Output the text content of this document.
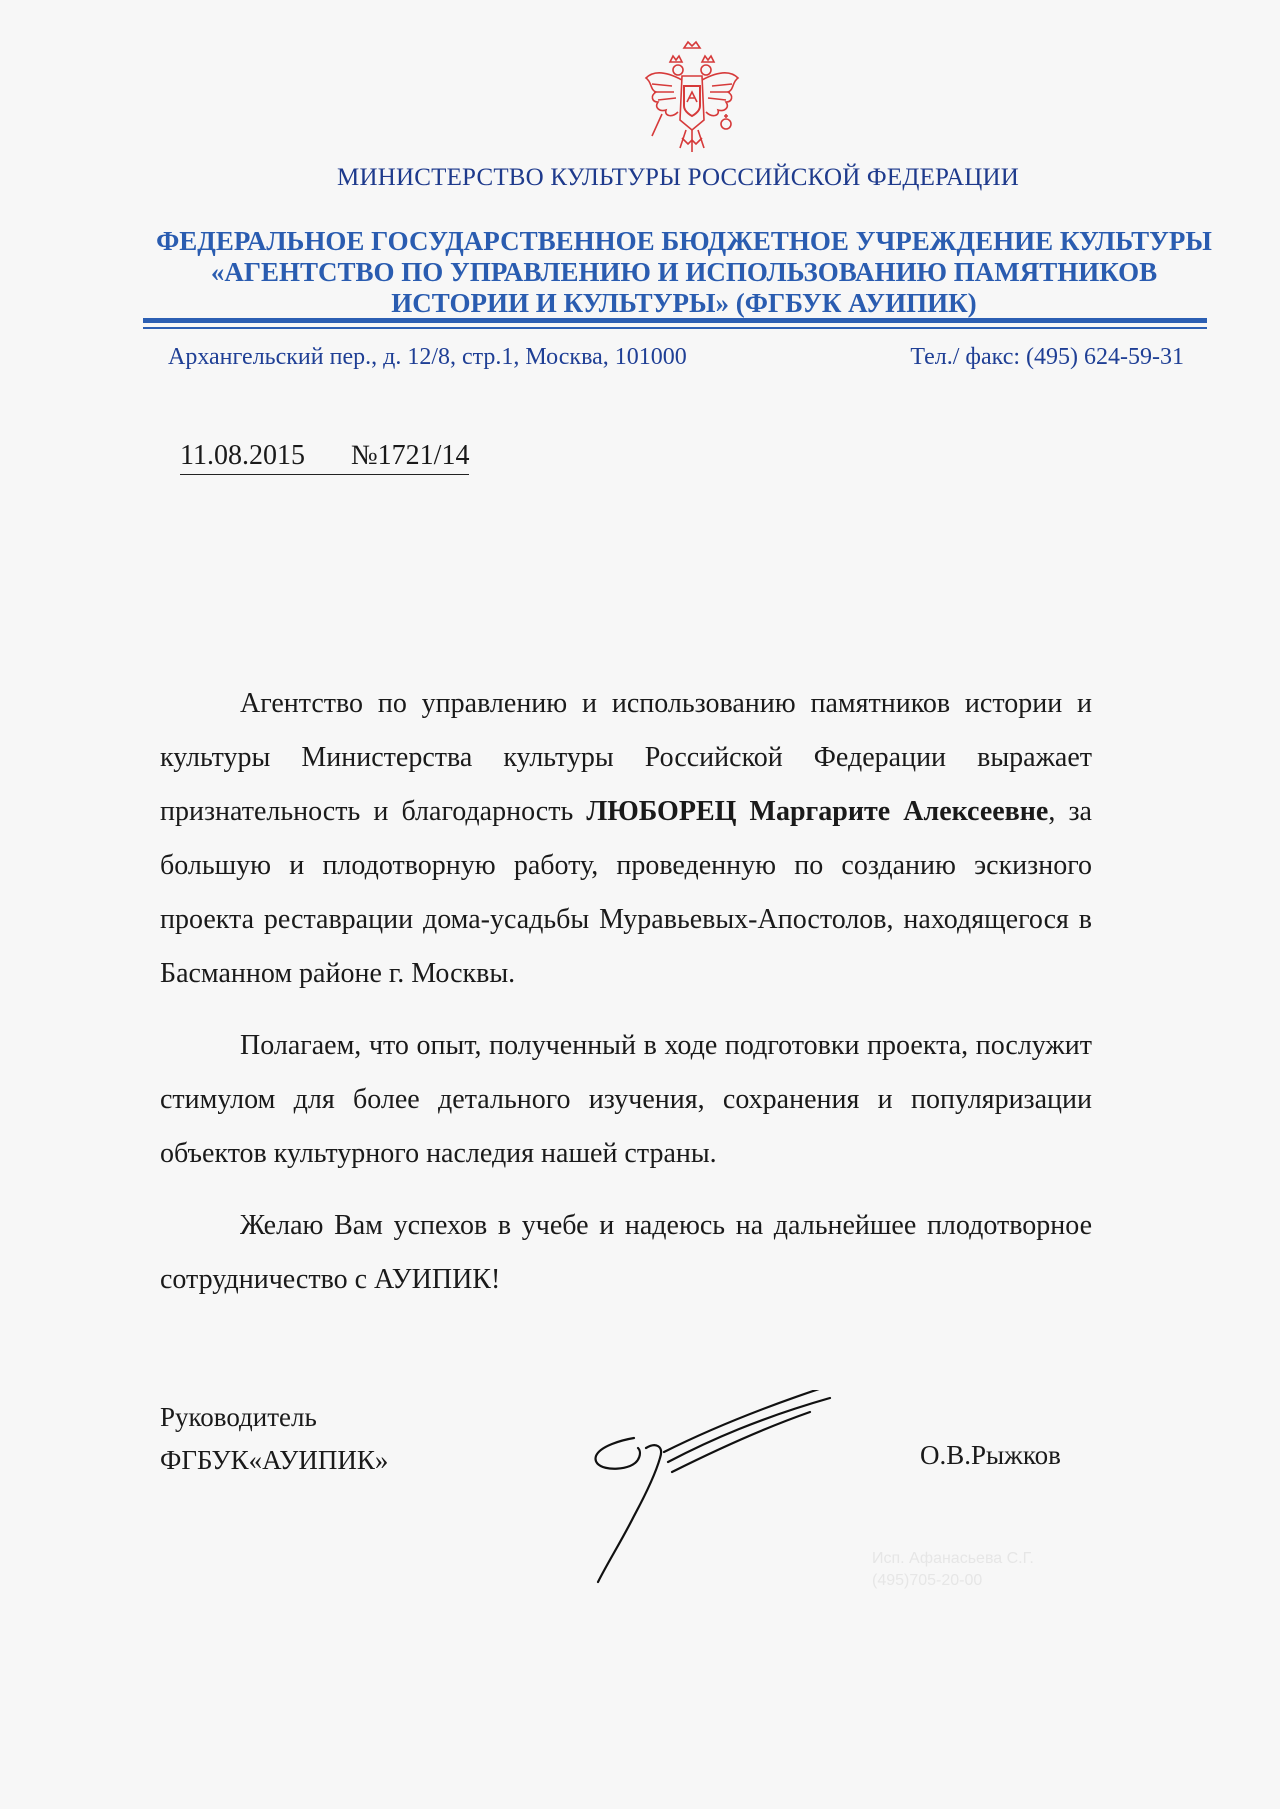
МИНИСТЕРСТВО КУЛЬТУРЫ РОССИЙСКОЙ ФЕДЕРАЦИИ
ФЕДЕРАЛЬНОЕ ГОСУДАРСТВЕННОЕ БЮДЖЕТНОЕ УЧРЕЖДЕНИЕ КУЛЬТУРЫ
«АГЕНТСТВО ПО УПРАВЛЕНИЮ И ИСПОЛЬЗОВАНИЮ ПАМЯТНИКОВ
ИСТОРИИ И КУЛЬТУРЫ» (ФГБУК АУИПИК)
Архангельский пер., д. 12/8, стр.1, Москва, 101000	Тел./ факс: (495) 624-59-31
11.08.2015 №1721/14

Агентство по управлению и использованию памятников истории и культуры Министерства культуры Российской Федерации выражает признательность и благодарность ЛЮБОРЕЦ Маргарите Алексеевне, за большую и плодотворную работу, проведенную по созданию эскизного проекта реставрации дома-усадьбы Муравьевых-Апостолов, находящегося в Басманном районе г. Москвы.

Полагаем, что опыт, полученный в ходе подготовки проекта, послужит стимулом для более детального изучения, сохранения и популяризации объектов культурного наследия нашей страны.

Желаю Вам успехов в учебе и надеюсь на дальнейшее плодотворное сотрудничество с АУИПИК!

Руководитель
ФГБУК«АУИПИК»	О.В.Рыжков
Исп. Афанасьева С.Г.
(495)705-20-00
